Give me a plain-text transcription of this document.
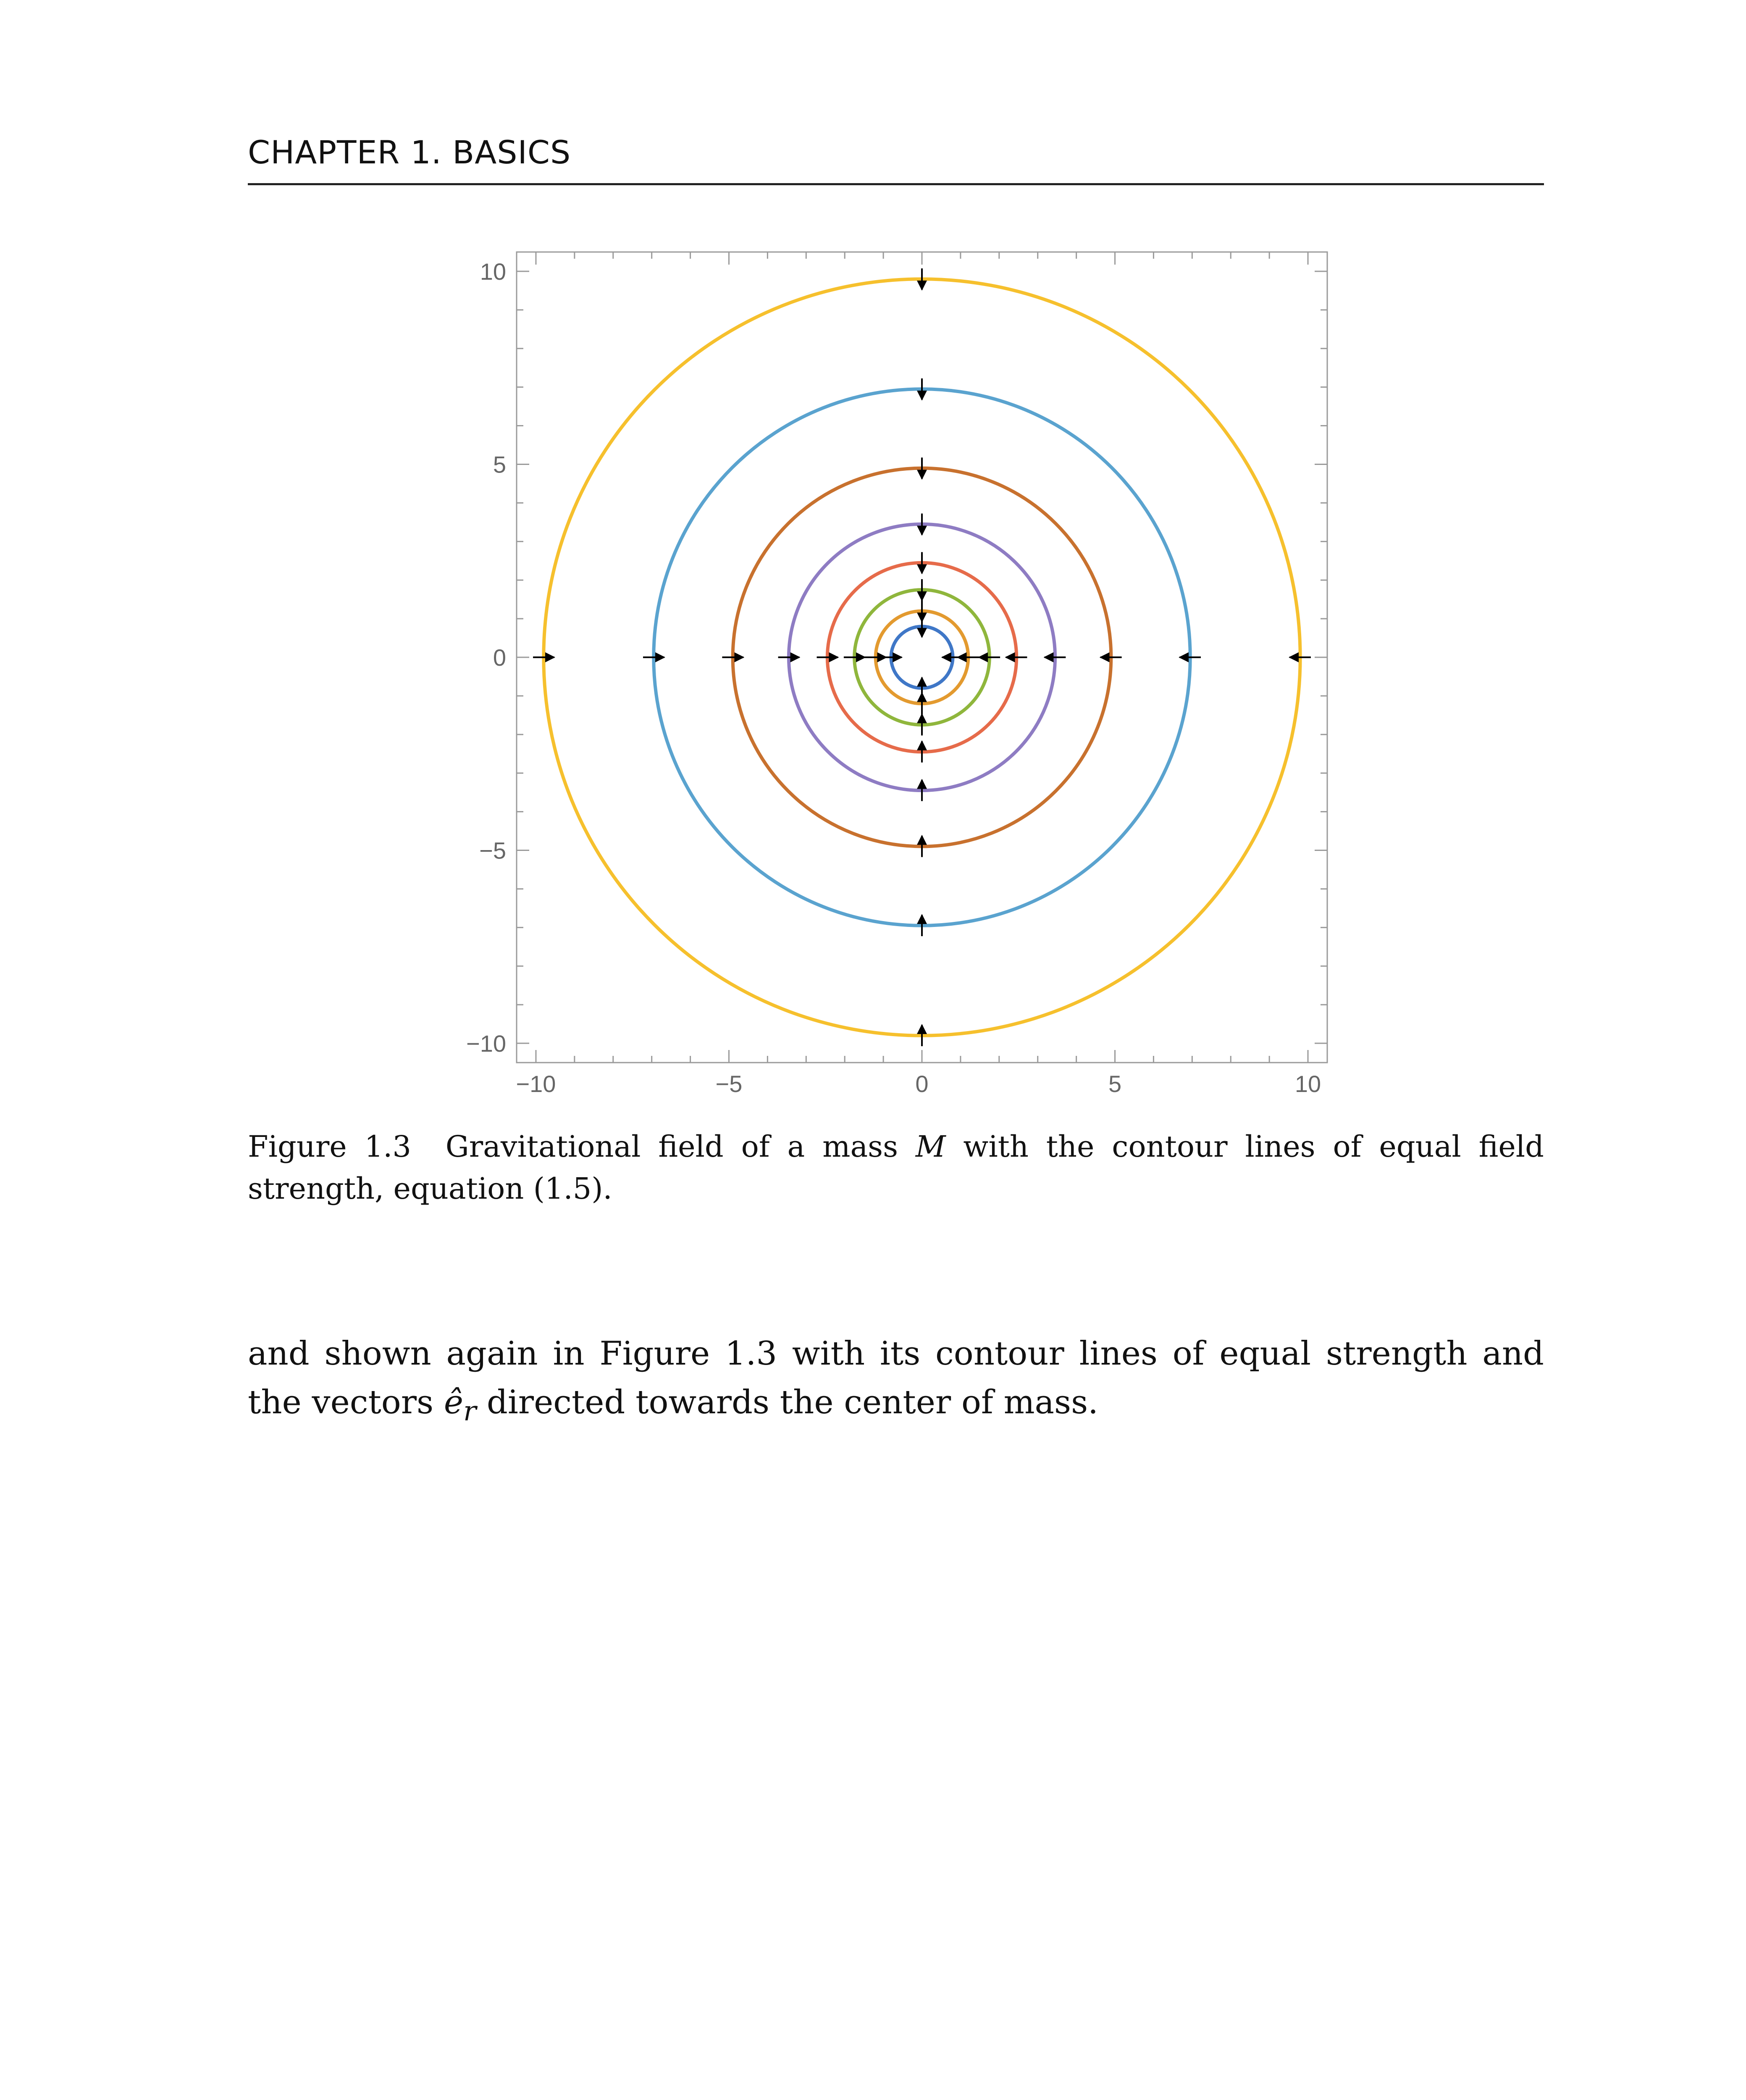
CHAPTER 1. BASICS
−10	−5	0	5	10
10
5
0
−5
−10
Figure 1.3 Gravitational field of a mass M with the contour lines of equal field strength, equation (1.5).
and shown again in Figure 1.3 with its contour lines of equal strength and the vectors $ê_r$ directed towards the center of mass.
